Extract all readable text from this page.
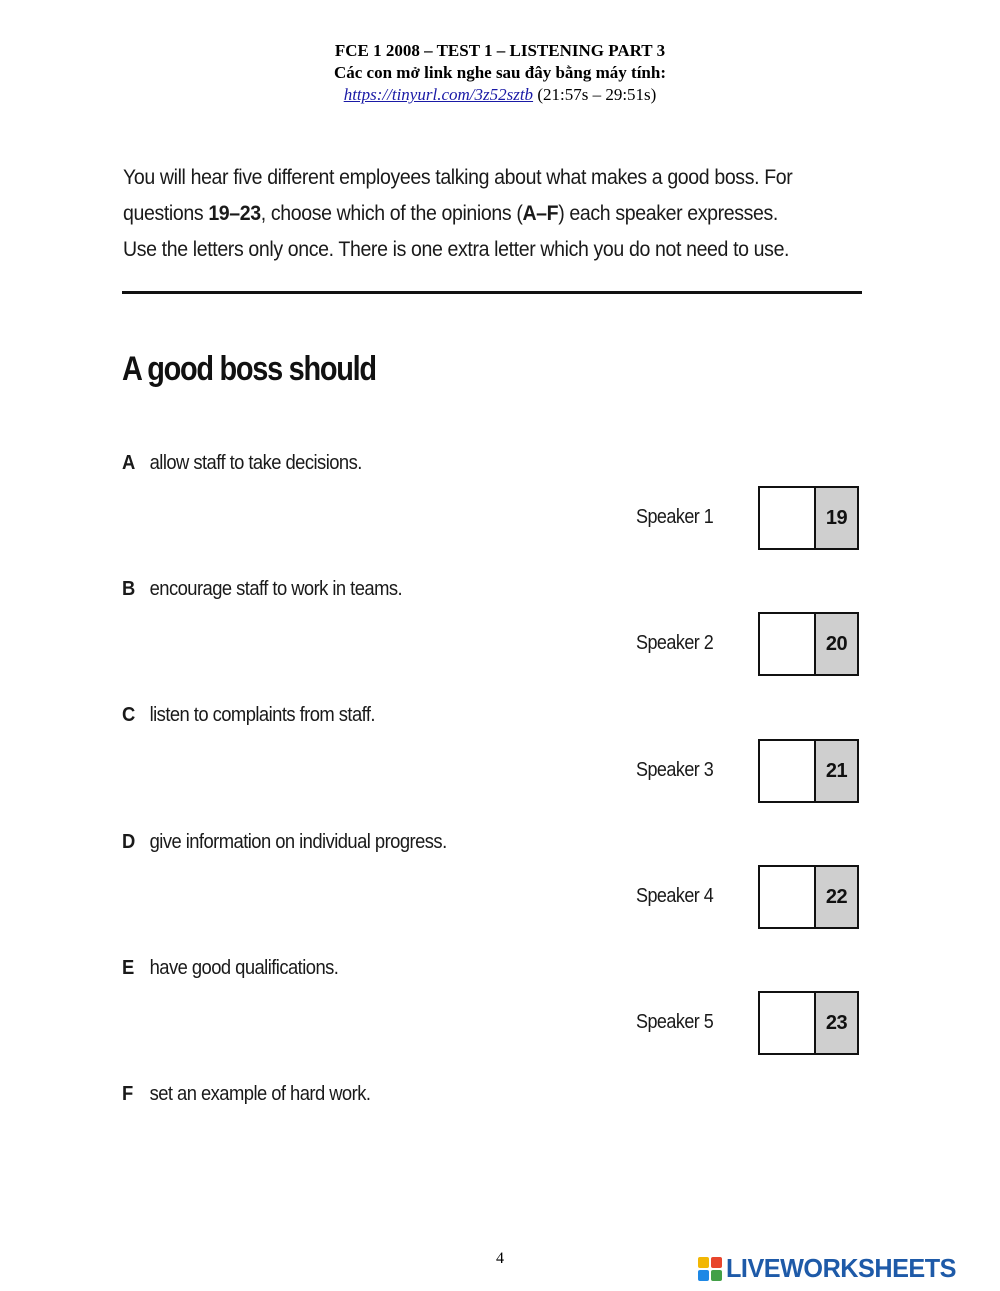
FCE 1 2008 – TEST 1 – LISTENING PART 3
Các con mở link nghe sau đây bằng máy tính:
https://tinyurl.com/3z52sztb (21:57s – 29:51s)
You will hear five different employees talking about what makes a good boss. For questions 19–23, choose which of the opinions (A–F) each speaker expresses. Use the letters only once. There is one extra letter which you do not need to use.
A good boss should
A allow staff to take decisions.
B encourage staff to work in teams.
C listen to complaints from staff.
D give information on individual progress.
E have good qualifications.
F set an example of hard work.
Speaker 1	19
Speaker 2	20
Speaker 3	21
Speaker 4	22
Speaker 5	23
4	LIVEWORKSHEETS
